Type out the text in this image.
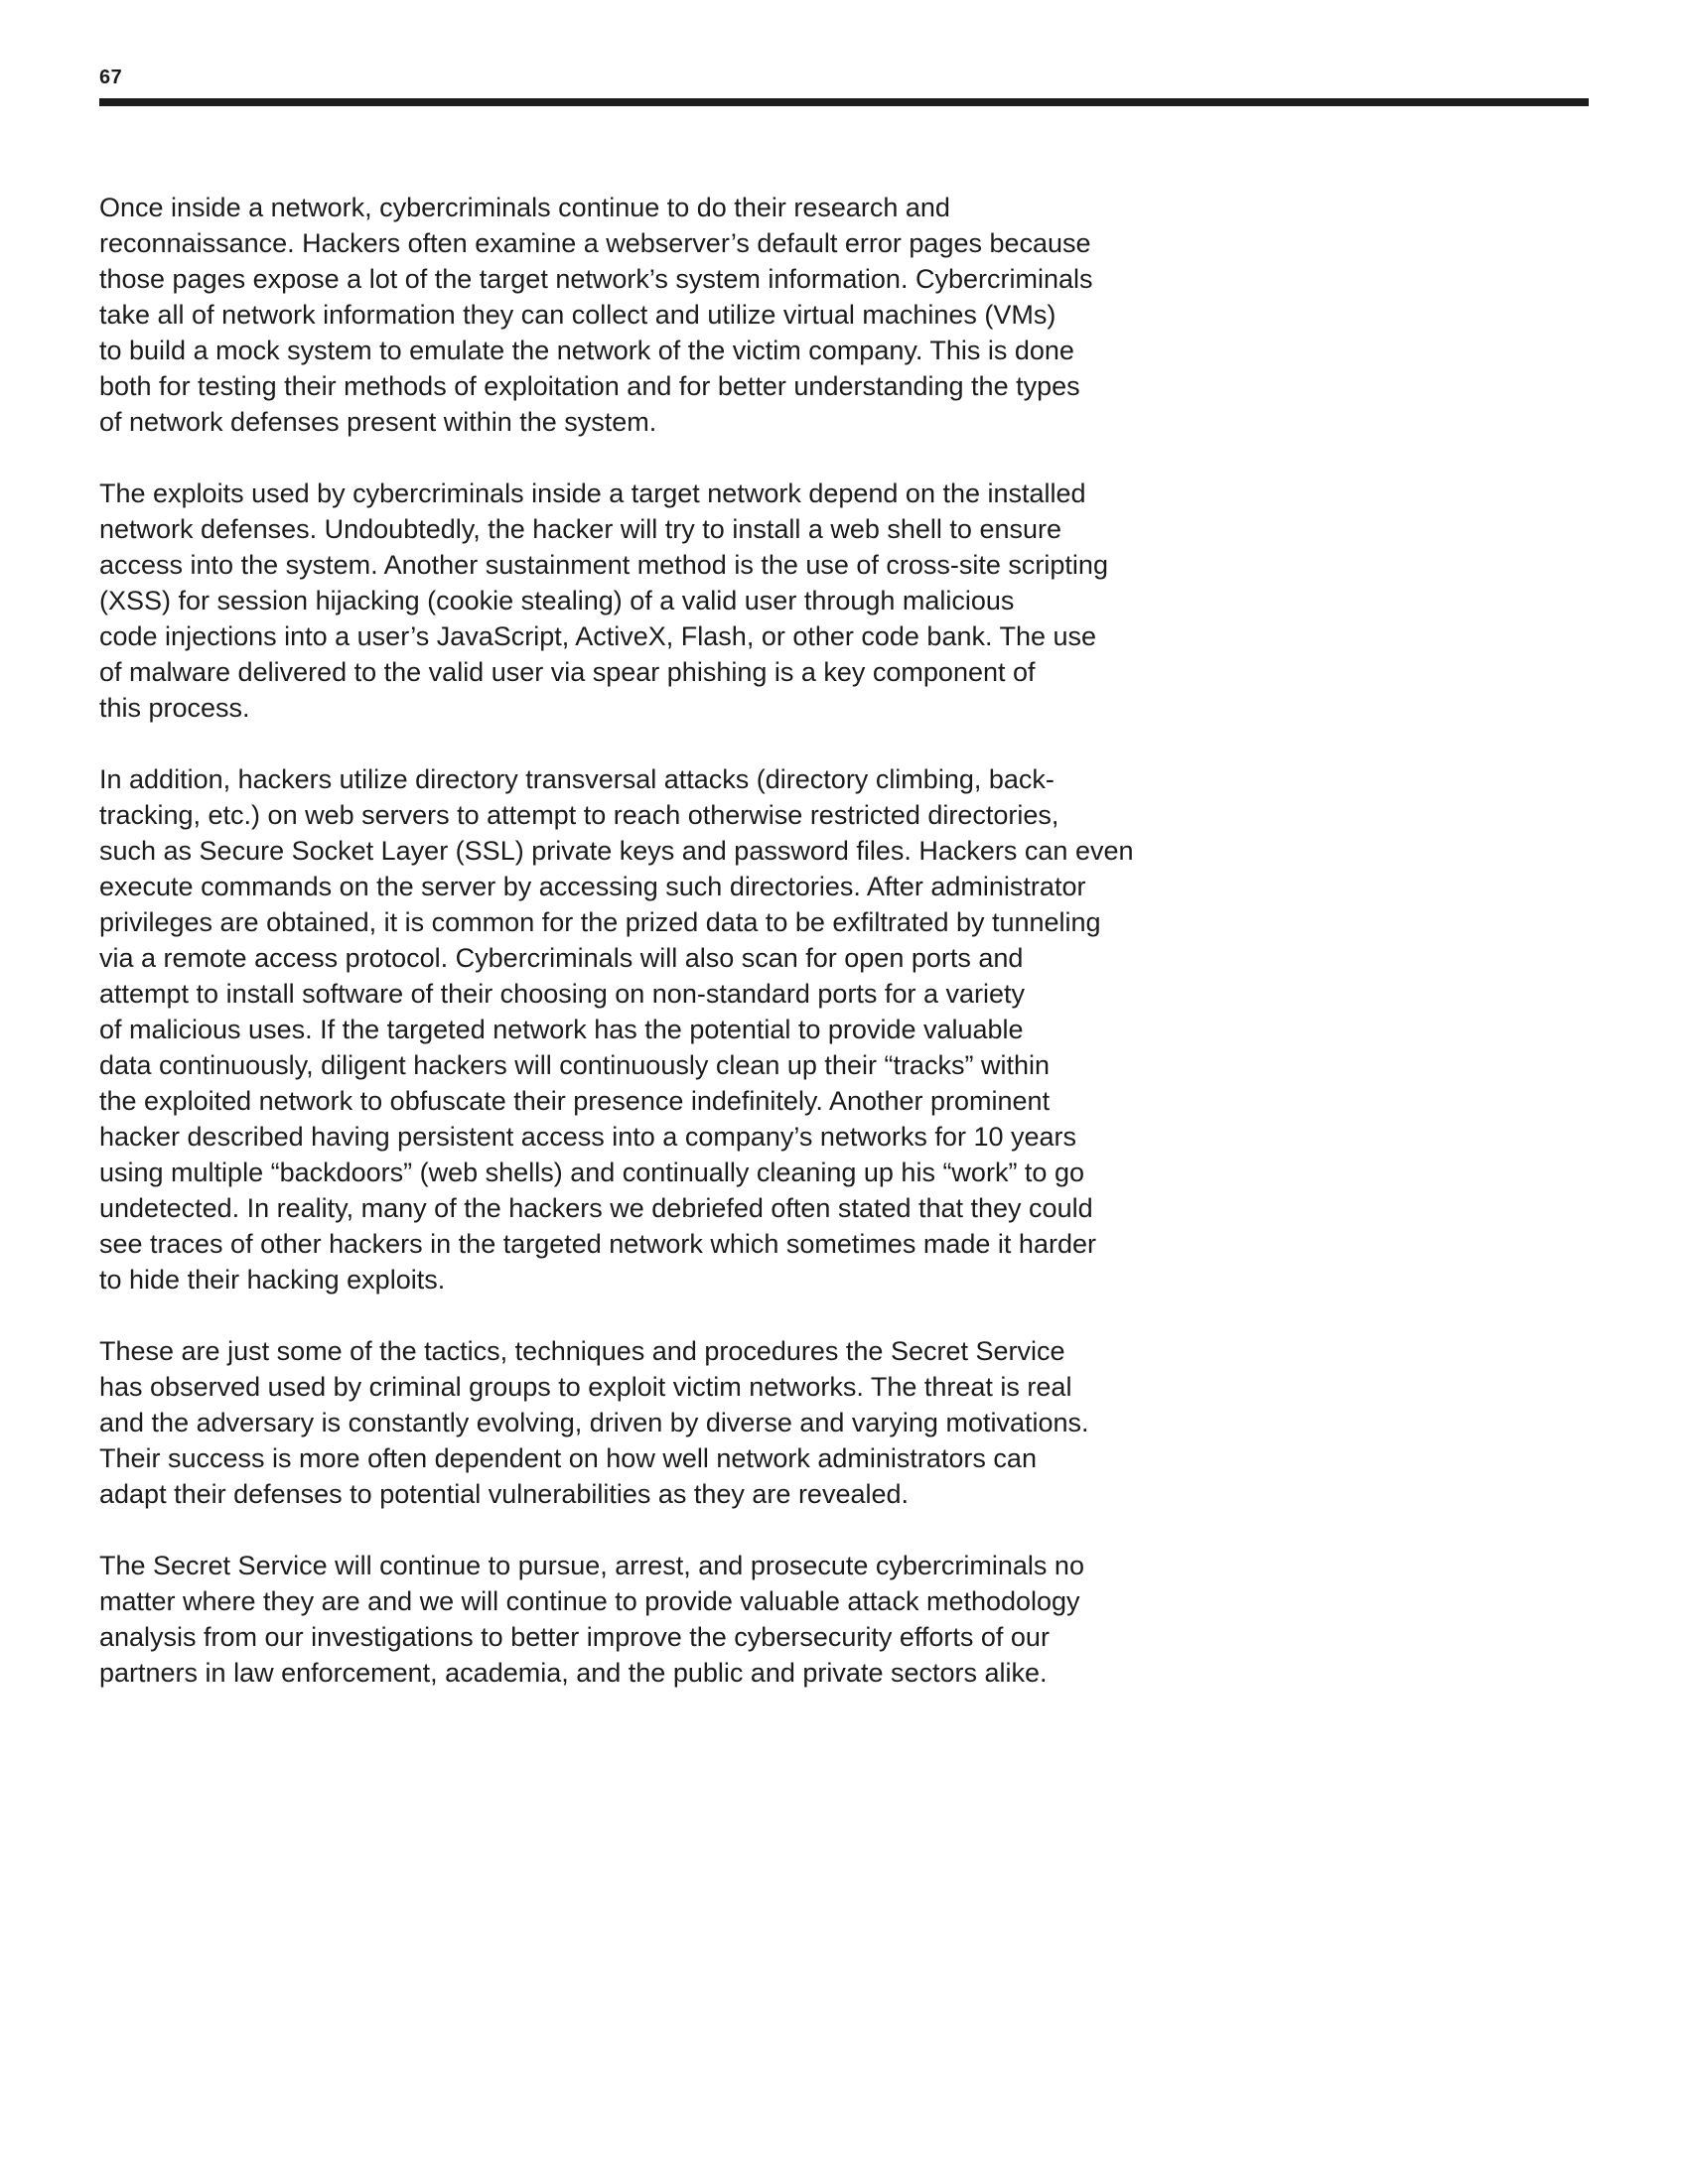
67

Once inside a network, cybercriminals continue to do their research and
reconnaissance. Hackers often examine a webserver’s default error pages because
those pages expose a lot of the target network’s system information. Cybercriminals
take all of network information they can collect and utilize virtual machines (VMs)
to build a mock system to emulate the network of the victim company. This is done
both for testing their methods of exploitation and for better understanding the types
of network defenses present within the system.

The exploits used by cybercriminals inside a target network depend on the installed
network defenses. Undoubtedly, the hacker will try to install a web shell to ensure
access into the system. Another sustainment method is the use of cross-site scripting
(XSS) for session hijacking (cookie stealing) of a valid user through malicious
code injections into a user’s JavaScript, ActiveX, Flash, or other code bank. The use
of malware delivered to the valid user via spear phishing is a key component of
this process.

In addition, hackers utilize directory transversal attacks (directory climbing, back-
tracking, etc.) on web servers to attempt to reach otherwise restricted directories,
such as Secure Socket Layer (SSL) private keys and password files. Hackers can even
execute commands on the server by accessing such directories. After administrator
privileges are obtained, it is common for the prized data to be exfiltrated by tunneling
via a remote access protocol. Cybercriminals will also scan for open ports and
attempt to install software of their choosing on non-standard ports for a variety
of malicious uses. If the targeted network has the potential to provide valuable
data continuously, diligent hackers will continuously clean up their “tracks” within
the exploited network to obfuscate their presence indefinitely. Another prominent
hacker described having persistent access into a company’s networks for 10 years
using multiple “backdoors” (web shells) and continually cleaning up his “work” to go
undetected. In reality, many of the hackers we debriefed often stated that they could
see traces of other hackers in the targeted network which sometimes made it harder
to hide their hacking exploits.

These are just some of the tactics, techniques and procedures the Secret Service
has observed used by criminal groups to exploit victim networks. The threat is real
and the adversary is constantly evolving, driven by diverse and varying motivations.
Their success is more often dependent on how well network administrators can
adapt their defenses to potential vulnerabilities as they are revealed.

The Secret Service will continue to pursue, arrest, and prosecute cybercriminals no
matter where they are and we will continue to provide valuable attack methodology
analysis from our investigations to better improve the cybersecurity efforts of our
partners in law enforcement, academia, and the public and private sectors alike.
